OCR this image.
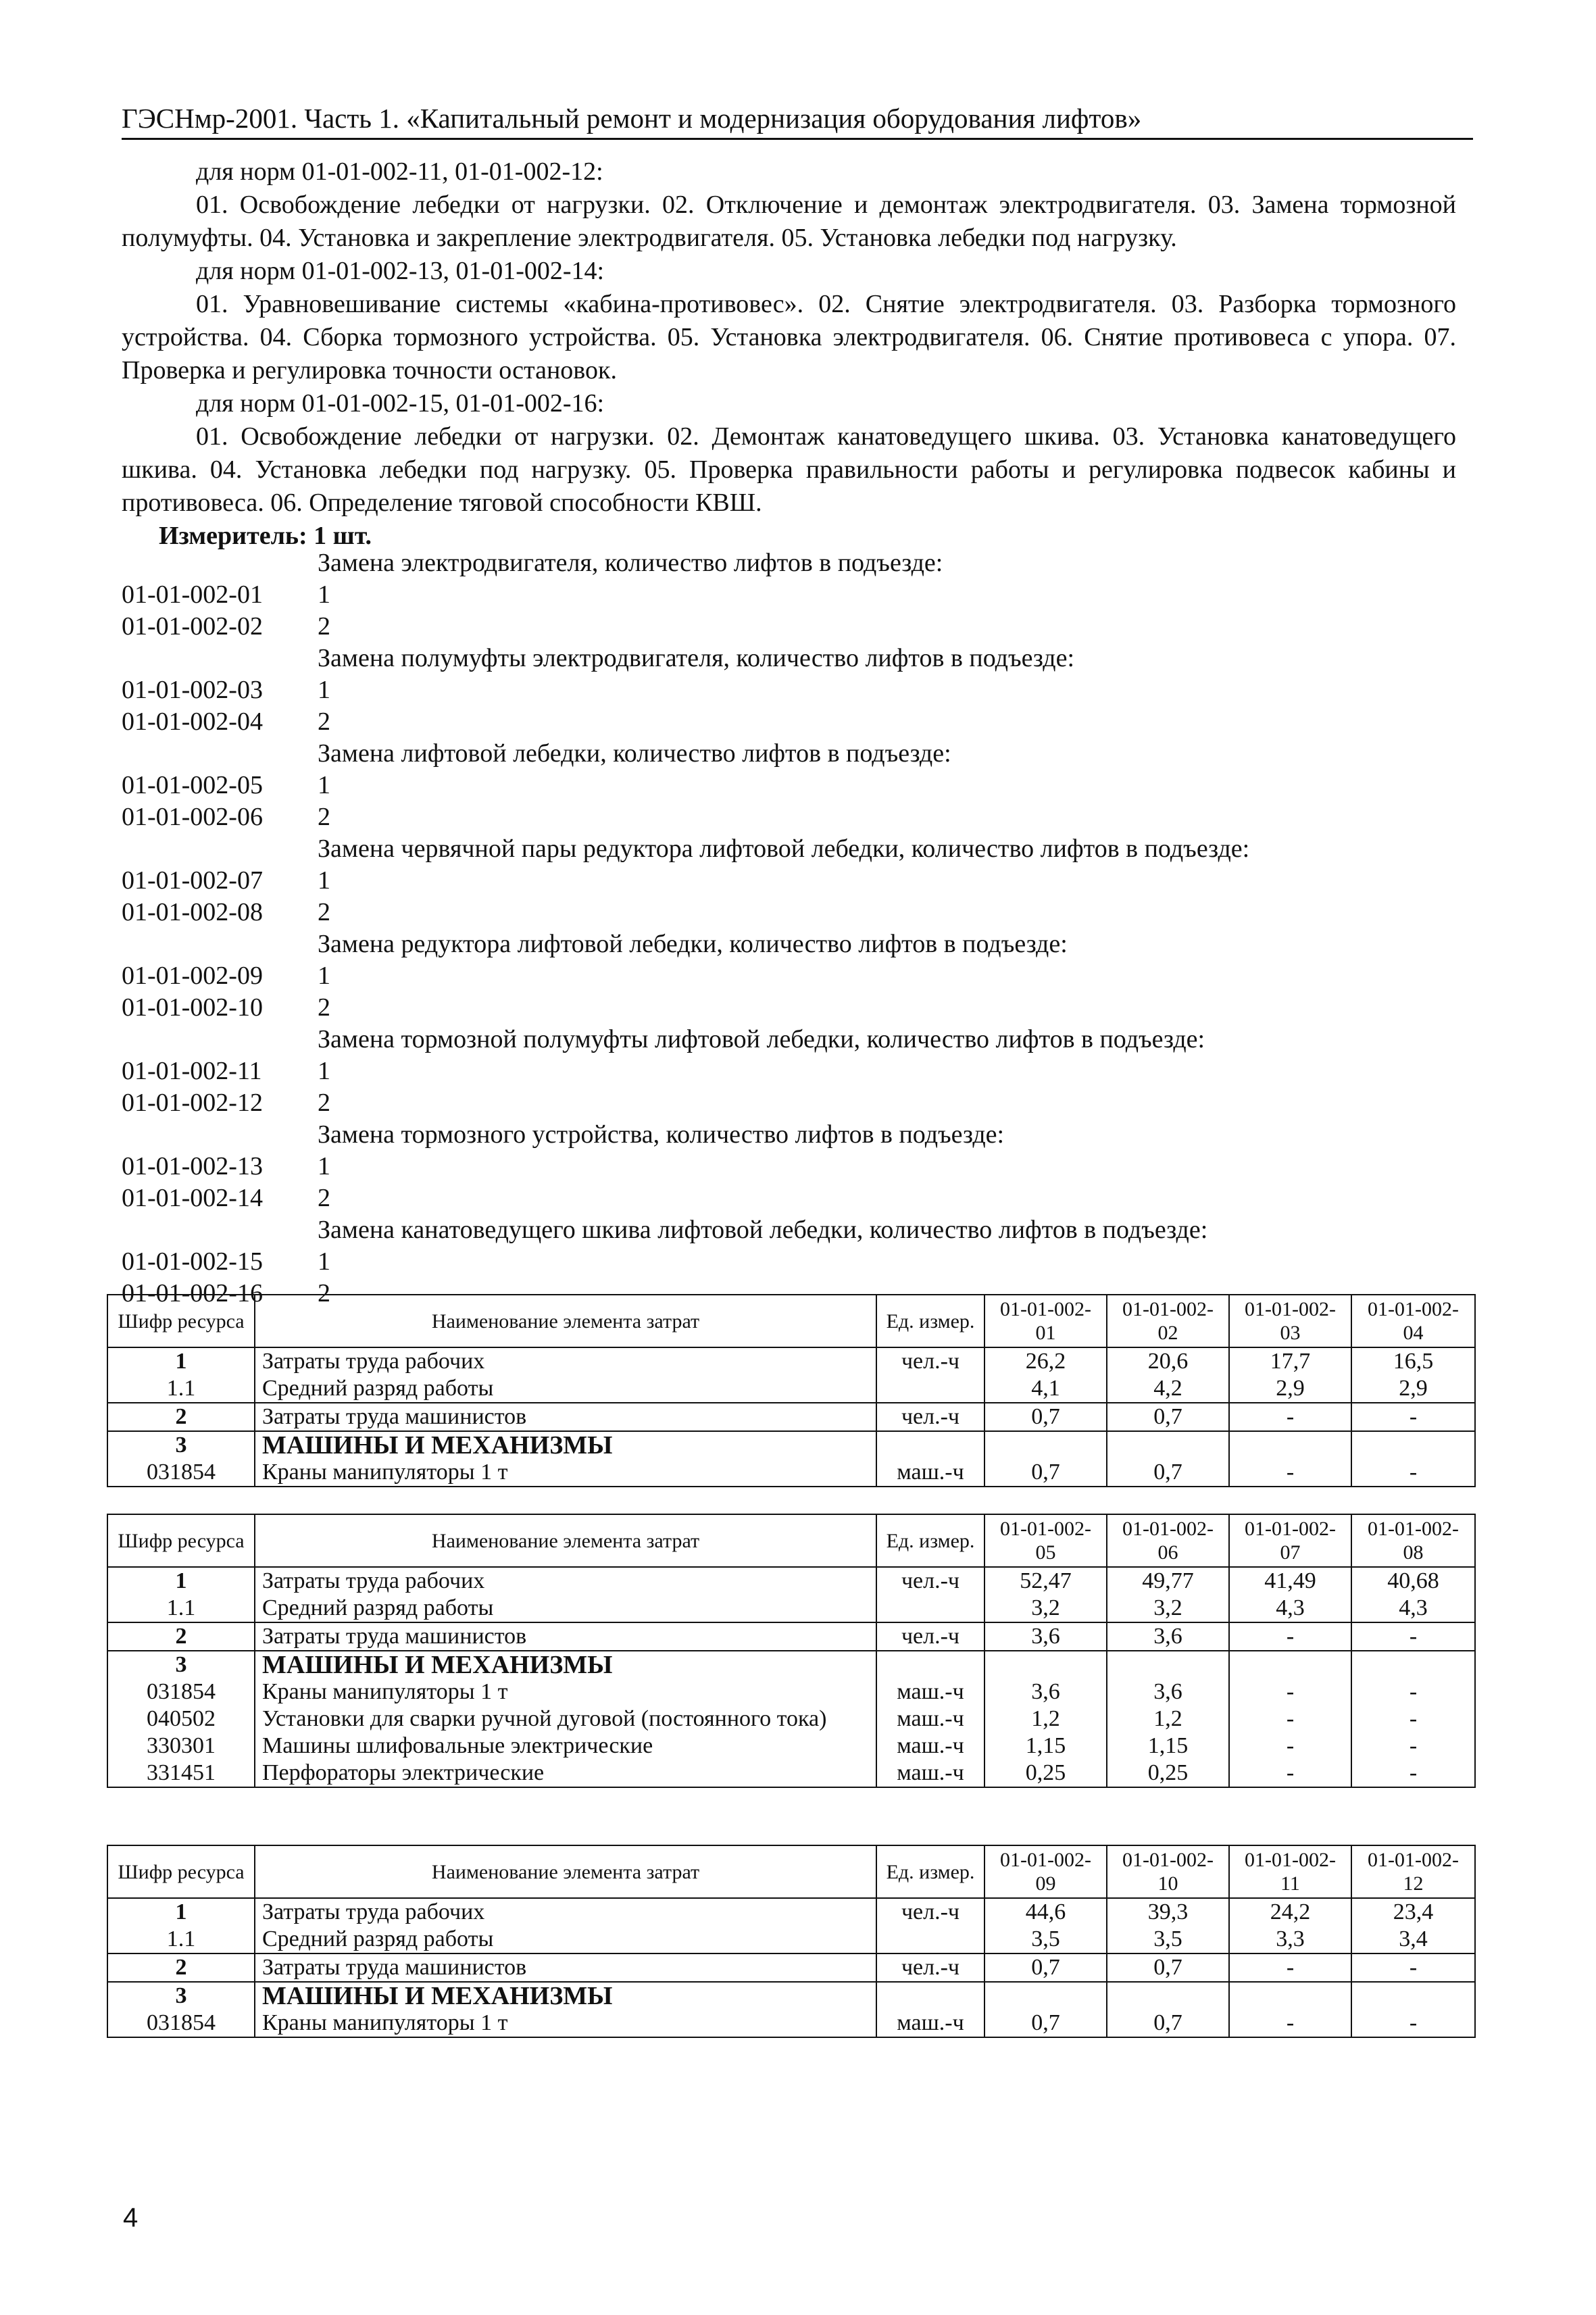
ГЭСНмр-2001. Часть 1. «Капитальный ремонт и модернизация оборудования лифтов»

для норм 01-01-002-11, 01-01-002-12:

01. Освобождение лебедки от нагрузки. 02. Отключение и демонтаж электродвигателя. 03. Замена тормозной полумуфты. 04. Установка и закрепление электродвигателя. 05. Установка лебедки под нагрузку.

для норм 01-01-002-13, 01-01-002-14:

01. Уравновешивание системы «кабина-противовес». 02. Снятие электродвигателя. 03. Разборка тормозного устройства. 04. Сборка тормозного устройства. 05. Установка электродвигателя. 06. Снятие противовеса с упора. 07. Проверка и регулировка точности остановок.

для норм 01-01-002-15, 01-01-002-16:

01. Освобождение лебедки от нагрузки. 02. Демонтаж канатоведущего шкива. 03. Установка канатоведущего шкива. 04. Установка лебедки под нагрузку. 05. Проверка правильности работы и регулировка подвесок кабины и противовеса. 06. Определение тяговой способности КВШ.

Измеритель: 1 шт.

Замена электродвигателя, количество лифтов в подъезде:
01-01-002-01	1
01-01-002-02	2
Замена полумуфты электродвигателя, количество лифтов в подъезде:
01-01-002-03	1
01-01-002-04	2
Замена лифтовой лебедки, количество лифтов в подъезде:
01-01-002-05	1
01-01-002-06	2
Замена червячной пары редуктора лифтовой лебедки, количество лифтов в подъезде:
01-01-002-07	1
01-01-002-08	2
Замена редуктора лифтовой лебедки, количество лифтов в подъезде:
01-01-002-09	1
01-01-002-10	2
Замена тормозной полумуфты лифтовой лебедки, количество лифтов в подъезде:
01-01-002-11	1
01-01-002-12	2
Замена тормозного устройства, количество лифтов в подъезде:
01-01-002-13	1
01-01-002-14	2
Замена канатоведущего шкива лифтовой лебедки, количество лифтов в подъезде:
01-01-002-15	1
01-01-002-16	2
Шифр ресурса	Наименование элемента затрат	Ед. измер.	01-01-002-01	01-01-002-02	01-01-002-03	01-01-002-04
1	Затраты труда рабочих	чел.-ч	26,2	20,6	17,7	16,5
1.1	Средний разряд работы		4,1	4,2	2,9	2,9
2	Затраты труда машинистов	чел.-ч	0,7	0,7	-	-
3	МАШИНЫ И МЕХАНИЗМЫ					
031854	Краны манипуляторы 1 т	маш.-ч	0,7	0,7	-	-
Шифр ресурса	Наименование элемента затрат	Ед. измер.	01-01-002-05	01-01-002-06	01-01-002-07	01-01-002-08
1	Затраты труда рабочих	чел.-ч	52,47	49,77	41,49	40,68
1.1	Средний разряд работы		3,2	3,2	4,3	4,3
2	Затраты труда машинистов	чел.-ч	3,6	3,6	-	-
3	МАШИНЫ И МЕХАНИЗМЫ					
031854	Краны манипуляторы 1 т	маш.-ч	3,6	3,6	-	-
040502	Установки для сварки ручной дуговой (постоянного тока)	маш.-ч	1,2	1,2	-	-
330301	Машины шлифовальные электрические	маш.-ч	1,15	1,15	-	-
331451	Перфораторы электрические	маш.-ч	0,25	0,25	-	-
Шифр ресурса	Наименование элемента затрат	Ед. измер.	01-01-002-09	01-01-002-10	01-01-002-11	01-01-002-12
1	Затраты труда рабочих	чел.-ч	44,6	39,3	24,2	23,4
1.1	Средний разряд работы		3,5	3,5	3,3	3,4
2	Затраты труда машинистов	чел.-ч	0,7	0,7	-	-
3	МАШИНЫ И МЕХАНИЗМЫ					
031854	Краны манипуляторы 1 т	маш.-ч	0,7	0,7	-	-
4
